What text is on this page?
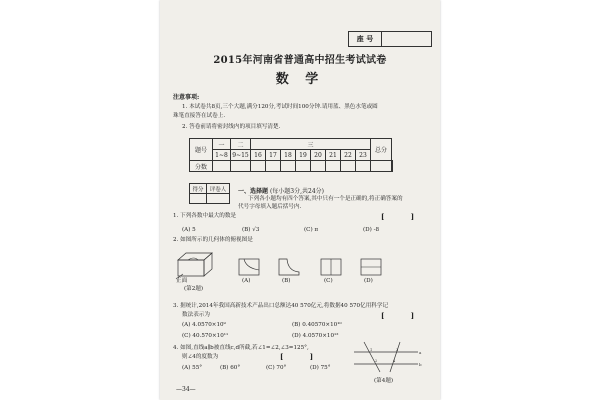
座 号
2015年河南省普通高中招生考试试卷
数 学
注意事项:
1. 本试卷共8页,三个大题,满分120分,考试时间100分钟.请用蓝、黑色水笔或圆
珠笔直接答在试卷上.
2. 答卷前请将密封线内的项目填写清楚.
题号	一	二	三								总分	
	1~8	9~15	16	17	18	19	20	21	22	23		
分数												
得分	评卷人
	一、选择题 (每小题3分,共24分)
下列各小题均有四个答案,其中只有一个是正确的,将正确答案的
代号字母填入题后括号内.
1. 下列各数中最大的数是	[ ]
(A) 5	(B) √3	(C) π	(D) -8
2. 如图所示的几何体的俯视图是
正面
(第2题)
(A)	(B)	(C)	(D)
3. 据统计,2014年我国高新技术产品出口总额达40 570亿元,将数据40 570亿用科学记
数法表示为	[ ]
(A) 4.0570×10⁹	(B) 0.40570×10¹⁰
(C) 40.570×10¹¹	(D) 4.0570×10¹²
4. 如图,直线a∥b被直线c,d所截,若∠1=∠2,∠3=125°,
则∠4的度数为	[ ]
(A) 55°	(B) 60°	(C) 70°	(D) 75°
a
b
1
2
3
4
(第4题)
—34—
